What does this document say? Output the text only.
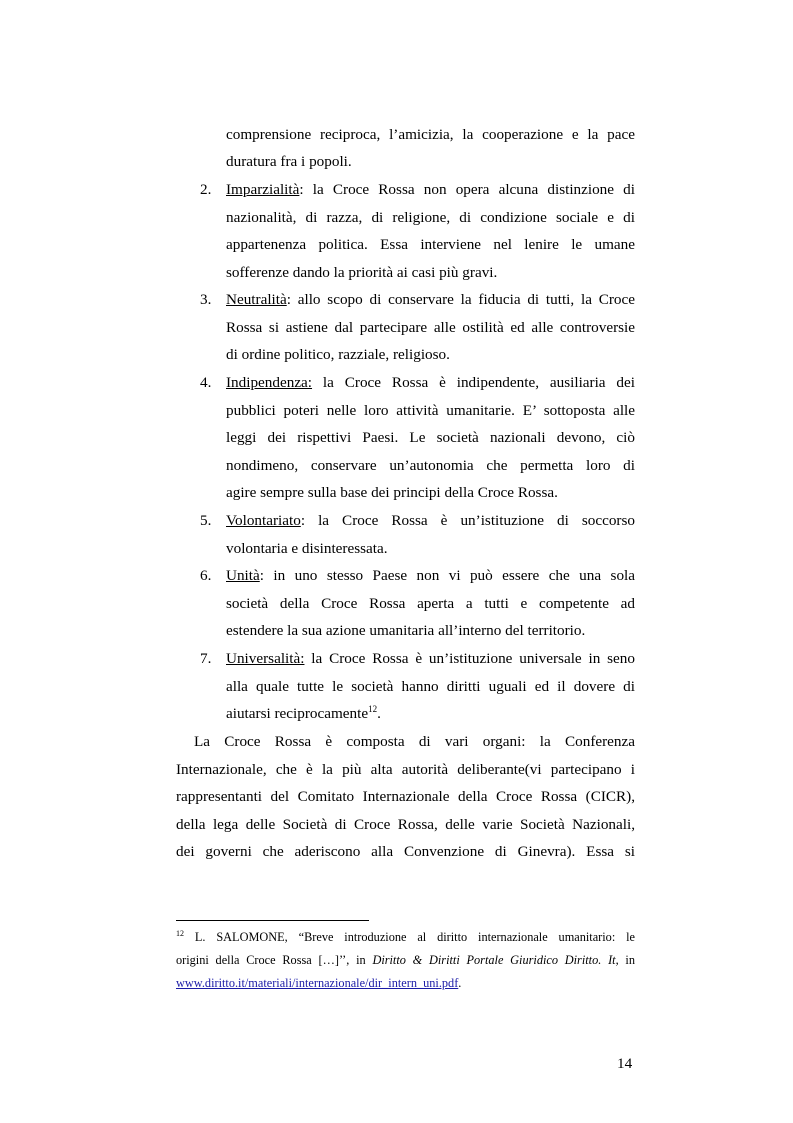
comprensione reciproca, l’amicizia, la cooperazione e la pace
duratura fra i popoli.
2. Imparzialità: la Croce Rossa non opera alcuna distinzione di
nazionalità, di razza, di religione, di condizione sociale e di
appartenenza politica. Essa interviene nel lenire le umane
sofferenze dando la priorità ai casi più gravi.
3. Neutralità: allo scopo di conservare la fiducia di tutti, la Croce
Rossa si astiene dal partecipare alle ostilità ed alle controversie
di ordine politico, razziale, religioso.
4. Indipendenza: la Croce Rossa è indipendente, ausiliaria dei
pubblici poteri nelle loro attività umanitarie. E’ sottoposta alle
leggi dei rispettivi Paesi. Le società nazionali devono, ciò
nondimeno, conservare un’autonomia che permetta loro di
agire sempre sulla base dei principi della Croce Rossa.
5. Volontariato: la Croce Rossa è un’istituzione di soccorso
volontaria e disinteressata.
6. Unità: in uno stesso Paese non vi può essere che una sola
società della Croce Rossa aperta a tutti e competente ad
estendere la sua azione umanitaria all’interno del territorio.
7. Universalità: la Croce Rossa è un’istituzione universale in seno
alla quale tutte le società hanno diritti uguali ed il dovere di
aiutarsi reciprocamente$^{12}$.
La Croce Rossa è composta di vari organi: la Conferenza
Internazionale, che è la più alta autorità deliberante(vi partecipano i
rappresentanti del Comitato Internazionale della Croce Rossa (CICR),
della lega delle Società di Croce Rossa, delle varie Società Nazionali,
dei governi che aderiscono alla Convenzione di Ginevra). Essa si
$^{12}$ L. SALOMONE, “Breve introduzione al diritto internazionale umanitario: le
origini della Croce Rossa […]’’, in Diritto & Diritti Portale Giuridico Diritto. It, in
www.diritto.it/materiali/internazionale/dir_intern_uni.pdf.
14
